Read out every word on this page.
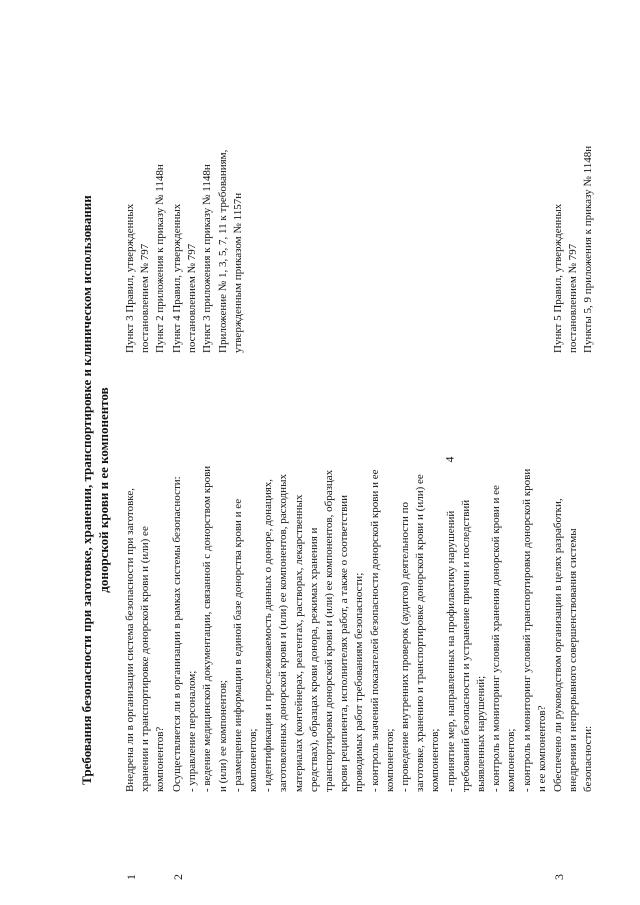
4
Требования безопасности при заготовке, хранении, транспортировке и клиническом использовании донорской крови и ее компонентов
1
Внедрена ли в организации система безопасности при заготовке, хранении и транспортировке донорской крови и (или) ее компонентов?
Пункт 3 Правил, утвержденных постановлением № 797 Пункт 2 приложения к приказу № 1148н
2
Осуществляется ли в организации в рамках системы безопасности: - управление персоналом; - ведение медицинской документации, связанной с донорством крови и (или) ее компонентов; - размещение информации в единой базе донорства крови и ее компонентов; - идентификация и прослеживаемость данных о доноре, донациях, заготовленных донорской крови и (или) ее компонентов, расходных материалах (контейнерах, реагентах, растворах, лекарственных средствах), образцах крови донора, режимах хранения и транспортировки донорской крови и (или) ее компонентов, образцах крови реципиента, исполнителях работ, а также о соответствии проводимых работ требованиям безопасности; - контроль значений показателей безопасности донорской крови и ее компонентов; - проведение внутренних проверок (аудитов) деятельности по заготовке, хранению и транспортировке донорской крови и (или) ее компонентов; - принятие мер, направленных на профилактику нарушений требований безопасности и устранение причин и последствий выявленных нарушений; - контроль и мониторинг условий хранения донорской крови и ее компонентов; - контроль и мониторинг условий транспортировки донорской крови и ее компонентов?
Пункт 4 Правил, утвержденных постановлением № 797 Пункт 3 приложения к приказу № 1148н Приложение № 1, 3, 5, 7, 11 к требованиям, утвержденным приказом № 1157н
3
Обеспечено ли руководством организации в целях разработки, внедрения и непрерывного совершенствования системы безопасности:
Пункт 5 Правил, утвержденных постановлением № 797 Пункты 5, 9 приложения к приказу № 1148н
